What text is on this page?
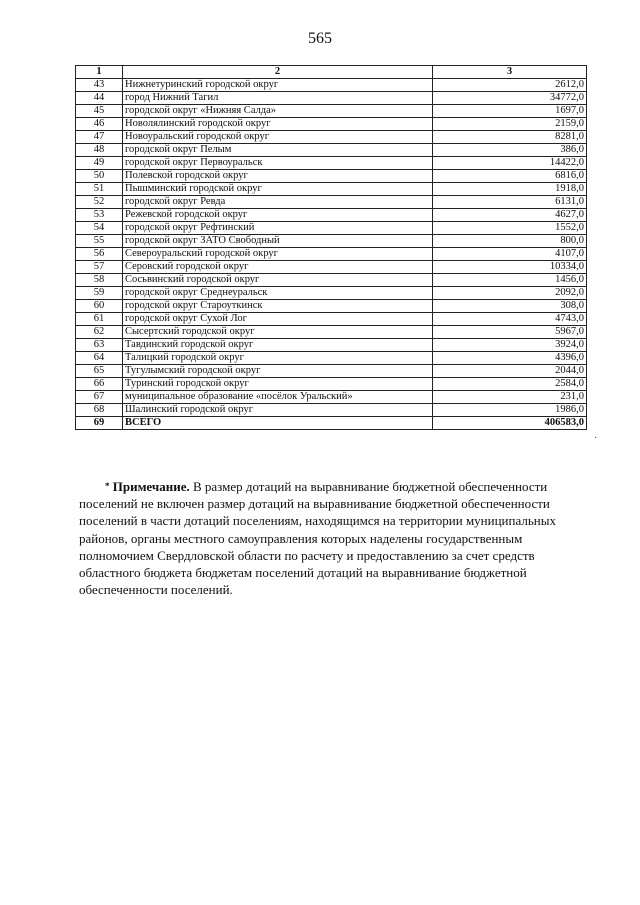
565
1	2	3
43	Нижнетуринский городской округ	2612,0
44	город Нижний Тагил	34772,0
45	городской округ «Нижняя Салда»	1697,0
46	Новолялинский городской округ	2159,0
47	Новоуральский городской округ	8281,0
48	городской округ Пелым	386,0
49	городской округ Первоуральск	14422,0
50	Полевской городской округ	6816,0
51	Пышминский городской округ	1918,0
52	городской округ Ревда	6131,0
53	Режевской городской округ	4627,0
54	городской округ Рефтинский	1552,0
55	городской округ ЗАТО Свободный	800,0
56	Североуральский городской округ	4107,0
57	Серовский городской округ	10334,0
58	Сосьвинский городской округ	1456,0
59	городской округ Среднеуральск	2092,0
60	городской округ Староуткинск	308,0
61	городской округ Сухой Лог	4743,0
62	Сысертский городской округ	5967,0
63	Тавдинский городской округ	3924,0
64	Талицкий городской округ	4396,0
65	Тугулымский городской округ	2044,0
66	Туринский городской округ	2584,0
67	муниципальное образование «посёлок Уральский»	231,0
68	Шалинский городской округ	1986,0
69	ВСЕГО	406583,0
* Примечание. В размер дотаций на выравнивание бюджетной обеспеченности поселений не включен размер дотаций на выравнивание бюджетной обеспеченности поселений в части дотаций поселениям, находящимся на территории муниципальных районов, органы местного самоуправления которых наделены государственным полномочием Свердловской области по расчету и предоставлению за счет средств областного бюджета бюджетам поселений дотаций на выравнивание бюджетной обеспеченности поселений.
·
